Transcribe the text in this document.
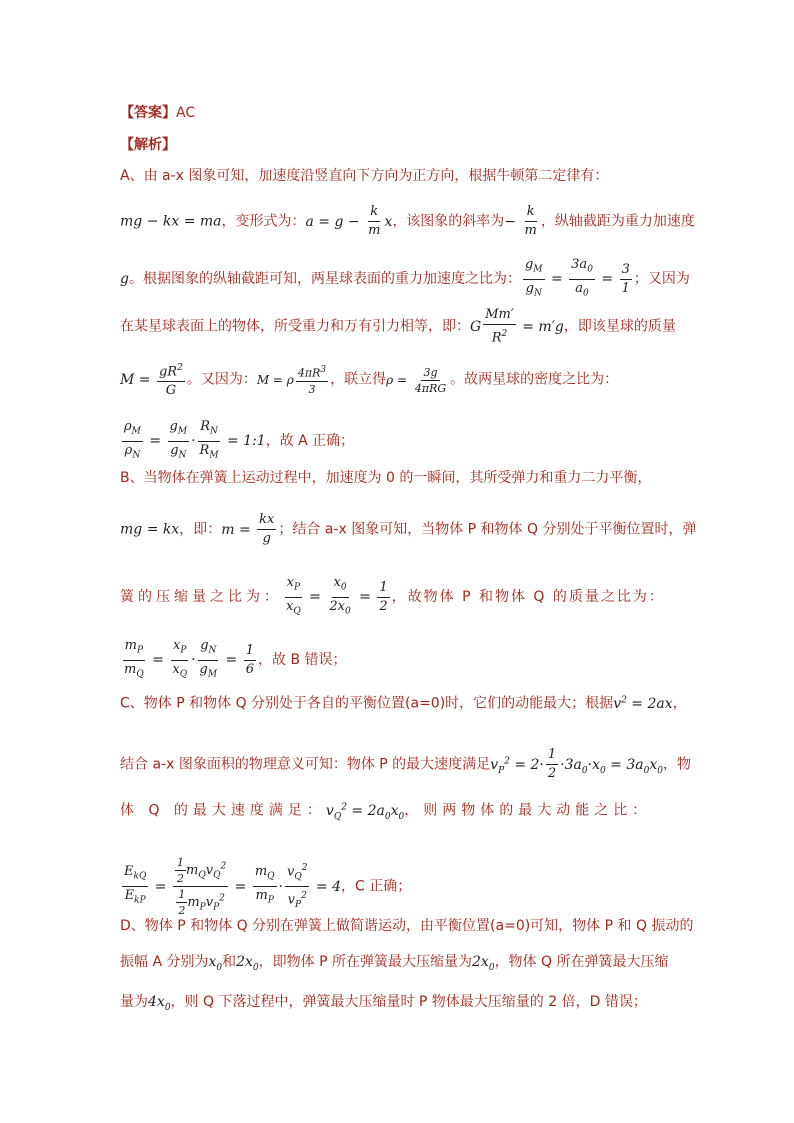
【答案】AC
【解析】
A、由 a-x 图象可知，加速度沿竖直向下方向为正方向，根据牛顿第二定律有：
mg − kx = ma，变形式为：$a = g - \frac{k}{m}$ x，该图象的斜率为− $\frac{k}{m}$ ，纵轴截距为重力加速度
g。根据图象的纵轴截距可知，两星球表面的重力加速度之比为： $\frac{g_M}{g_N} = \frac{3a_0}{a_0} = \frac{3}{1}$ ；又因为
在某星球表面上的物体，所受重力和万有引力相等，即：G $\frac{Mm'}{R^2} = m'g$，即该星球的质量
$M = \frac{gR^2}{G}$ 。又因为：M = ρ $\frac{4\pi R^3}{3}$ ，联立得$\rho = \frac{3g}{\text{4πRG}}$ 。故两星球的密度之比为：
$\frac{\rho_M}{\rho_N} = \frac{g_M}{g_N} \cdot \frac{R_N}{R_M}$ = 1:1，故 A 正确；
B、当物体在弹簧上运动过程中，加速度为 0 的一瞬间，其所受弹力和重力二力平衡，
mg = kx，即：$m = \frac{kx}{g}$ ；结合 a-x 图象可知，当物体 P 和物体 Q 分别处于平衡位置时，弹
簧的压缩量之比为： $\frac{x_P}{x_Q} = \frac{x_0}{2x_0} = \frac{1}{2}$ ，故物体 P 和物体 Q 的质量之比为：
$\frac{m_P}{m_Q} = \frac{x_P}{x_Q} \cdot \frac{g_N}{g_M} = \frac{1}{6}$ ，故 B 错误；
C、物体 P 和物体 Q 分别处于各自的平衡位置(a=0)时，它们的动能最大；根据$v^2 = 2ax$，
结合 a-x 图象面积的物理意义可知：物体 P 的最大速度满足$v_P^2 = 2\cdot \frac{1}{2} \cdot 3a_0\cdot x_0 = 3a_0x_0$，物
体 Q 的最大速度满足：$v_Q^2 = 2a_0x_0$，则两物体的最大动能之比：
$\frac{E_{kQ}}{E_{kP}} = \frac{\frac{1}{2} m_Qv_Q^2}{\frac{1}{2} m_Pv_P^2} = \frac{m_Q}{m_P} \cdot \frac{v_Q^2}{v_P^2} = 4$，C 正确；
D、物体 P 和物体 Q 分别在弹簧上做简谐运动，由平衡位置(a=0)可知，物体 P 和 Q 振动的
振幅 A 分别为$x_0$和$2x_0$，即物体 P 所在弹簧最大压缩量为$2x_0$，物体 Q 所在弹簧最大压缩
量为$4x_0$，则 Q 下落过程中，弹簧最大压缩量时 P 物体最大压缩量的 2 倍，D 错误；
